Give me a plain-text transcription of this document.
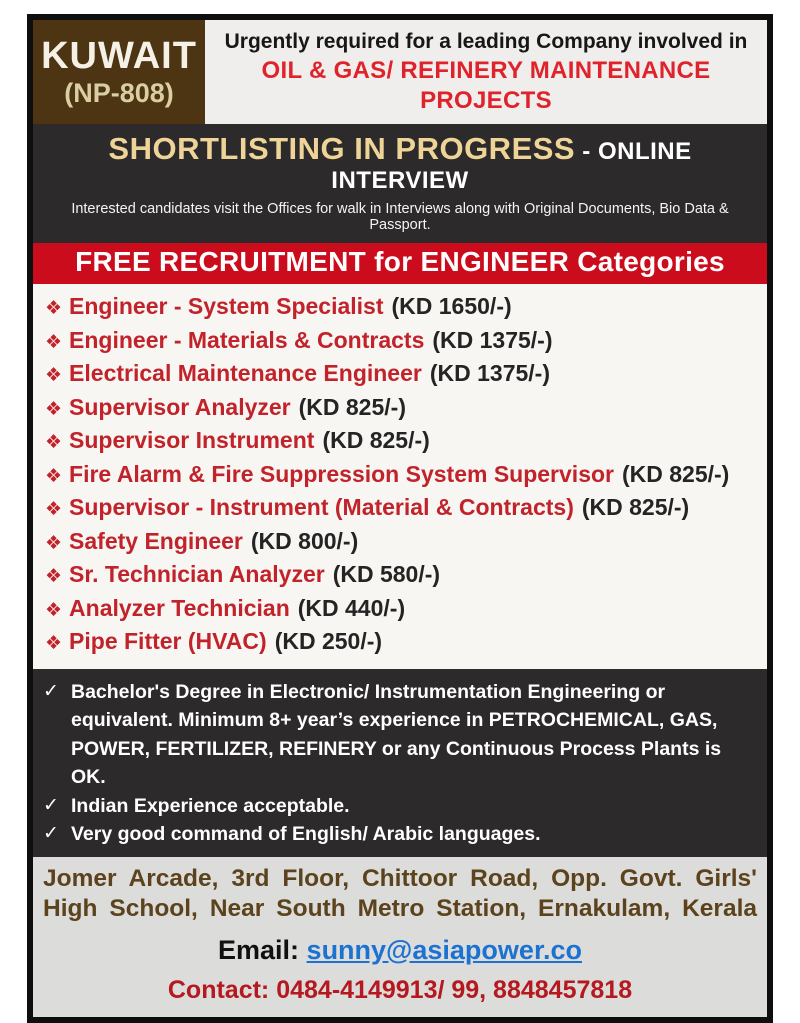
KUWAIT
(NP-808)
Urgently required for a leading Company involved in
OIL & GAS/ REFINERY MAINTENANCE PROJECTS
SHORTLISTING IN PROGRESS - ONLINE INTERVIEW
Interested candidates visit the Offices for walk in Interviews along with Original Documents, Bio Data & Passport.
FREE RECRUITMENT for ENGINEER Categories
❖ Engineer - System Specialist (KD 1650/-)
❖ Engineer - Materials & Contracts (KD 1375/-)
❖ Electrical Maintenance Engineer (KD 1375/-)
❖ Supervisor Analyzer (KD 825/-)
❖ Supervisor Instrument (KD 825/-)
❖ Fire Alarm & Fire Suppression System Supervisor (KD 825/-)
❖ Supervisor - Instrument (Material & Contracts) (KD 825/-)
❖ Safety Engineer (KD 800/-)
❖ Sr. Technician Analyzer (KD 580/-)
❖ Analyzer Technician (KD 440/-)
❖ Pipe Fitter (HVAC) (KD 250/-)
✓ Bachelor's Degree in Electronic/ Instrumentation Engineering or equivalent. Minimum 8+ year’s experience in PETROCHEMICAL, GAS, POWER, FERTILIZER, REFINERY or any Continuous Process Plants is OK.
✓ Indian Experience acceptable.
✓ Very good command of English/ Arabic languages.
Jomer Arcade, 3rd Floor, Chittoor Road, Opp. Govt. Girls' High School, Near South Metro Station, Ernakulam, Kerala
Email: sunny@asiapower.co
Contact: 0484-4149913/ 99, 8848457818
